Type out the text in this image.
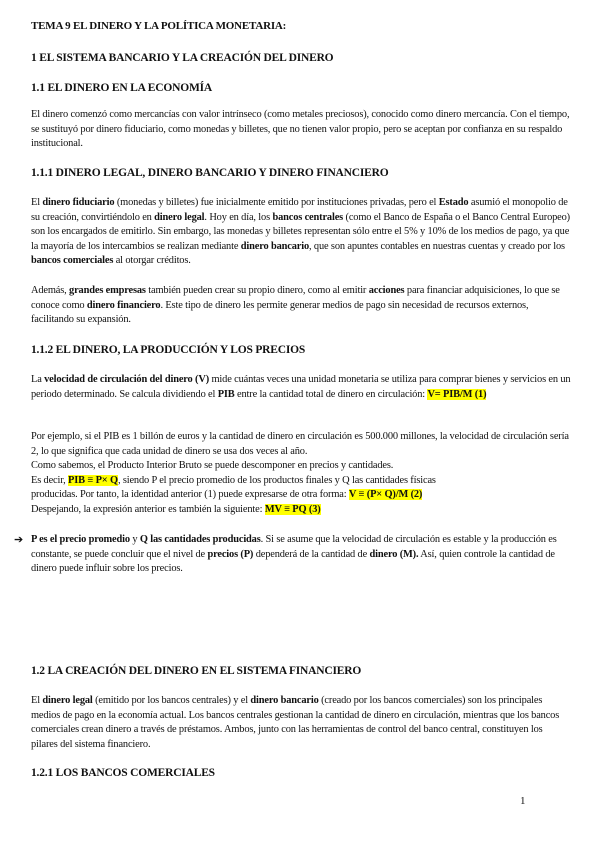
TEMA 9 EL DINERO Y LA POLÍTICA MONETARIA:
1 EL SISTEMA BANCARIO Y LA CREACIÓN DEL DINERO
1.1 EL DINERO EN LA ECONOMÍA

El dinero comenzó como mercancías con valor intrínseco (como metales preciosos), conocido como dinero mercancía. Con el tiempo, se sustituyó por dinero fiduciario, como monedas y billetes, que no tienen valor propio, pero se aceptan por confianza en su respaldo institucional.

1.1.1 DINERO LEGAL, DINERO BANCARIO Y DINERO FINANCIERO

El dinero fiduciario (monedas y billetes) fue inicialmente emitido por instituciones privadas, pero el Estado asumió el monopolio de su creación, convirtiéndolo en dinero legal. Hoy en día, los bancos centrales (como el Banco de España o el Banco Central Europeo) son los encargados de emitirlo. Sin embargo, las monedas y billetes representan sólo entre el 5% y 10% de los medios de pago, ya que la mayoría de los intercambios se realizan mediante dinero bancario, que son apuntes contables en nuestras cuentas y creado por los bancos comerciales al otorgar créditos.

Además, grandes empresas también pueden crear su propio dinero, como al emitir acciones para financiar adquisiciones, lo que se conoce como dinero financiero. Este tipo de dinero les permite generar medios de pago sin necesidad de recursos externos, facilitando su expansión.

1.1.2 EL DINERO, LA PRODUCCIÓN Y LOS PRECIOS

La velocidad de circulación del dinero (V) mide cuántas veces una unidad monetaria se utiliza para comprar bienes y servicios en un periodo determinado. Se calcula dividiendo el PIB entre la cantidad total de dinero en circulación: V= PIB/M (1)

Por ejemplo, si el PIB es 1 billón de euros y la cantidad de dinero en circulación es 500.000 millones, la velocidad de circulación sería 2, lo que significa que cada unidad de dinero se usa dos veces al año.
Como sabemos, el Producto Interior Bruto se puede descomponer en precios y cantidades.
Es decir, PIB ≡ P× Q, siendo P el precio promedio de los productos finales y Q las cantidades físicas
producidas. Por tanto, la identidad anterior (1) puede expresarse de otra forma: V ≡ (P× Q)/M (2)
Despejando, la expresión anterior es también la siguiente: MV ≡ PQ (3)

➔ P es el precio promedio y Q las cantidades producidas. Si se asume que la velocidad de circulación es estable y la producción es constante, se puede concluir que el nivel de precios (P) dependerá de la cantidad de dinero (M). Así, quien controle la cantidad de dinero puede influir sobre los precios.

1.2 LA CREACIÓN DEL DINERO EN EL SISTEMA FINANCIERO

El dinero legal (emitido por los bancos centrales) y el dinero bancario (creado por los bancos comerciales) son los principales medios de pago en la economía actual. Los bancos centrales gestionan la cantidad de dinero en circulación, mientras que los bancos comerciales crean dinero a través de préstamos. Ambos, junto con las herramientas de control del banco central, constituyen los pilares del sistema financiero.

1.2.1 LOS BANCOS COMERCIALES
1
